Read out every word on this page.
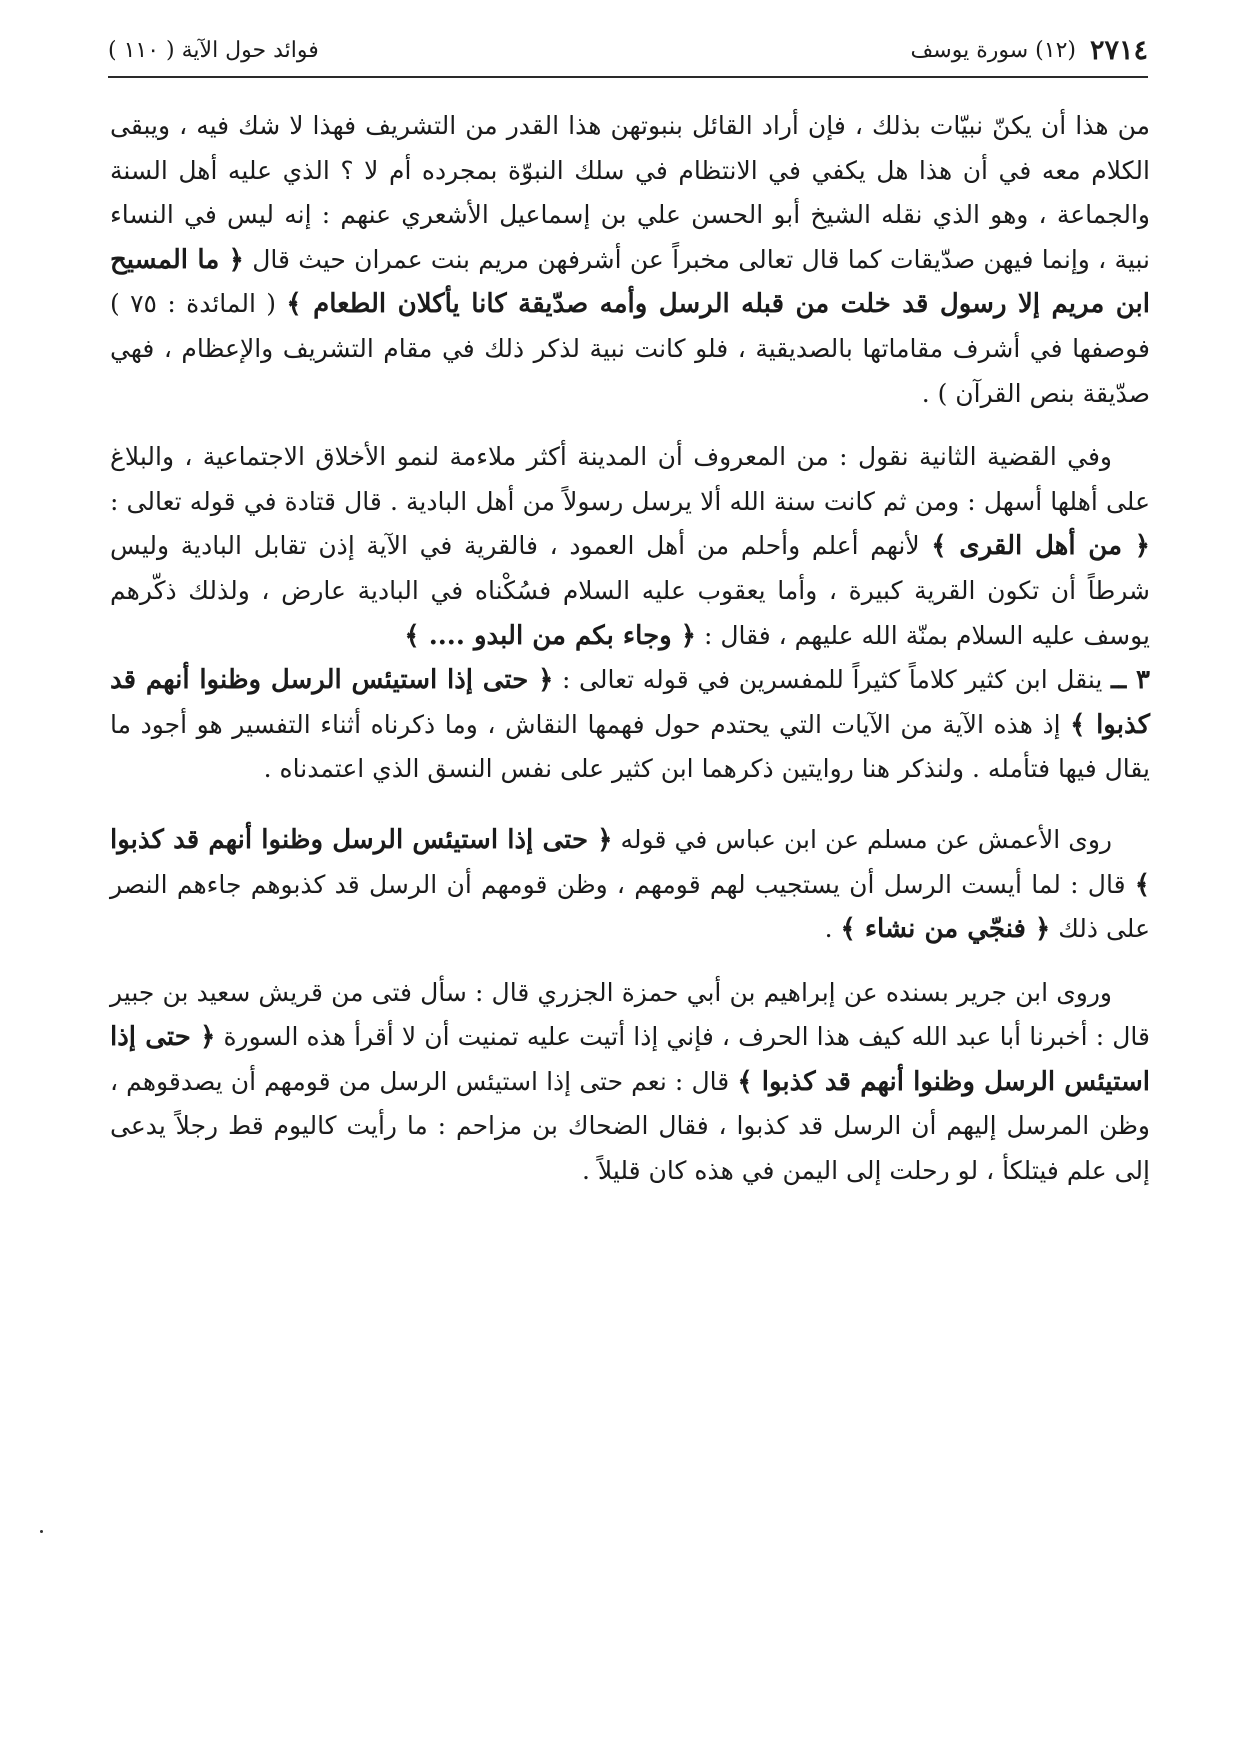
٢٧١٤
(١٢) سورة يوسف
فوائد حول الآية ( ١١٠ )

من هذا أن يكنّ نبيّات بذلك ، فإن أراد القائل بنبوتهن هذا القدر من التشريف فهذا لا شك فيه ، ويبقى الكلام معه في أن هذا هل يكفي في الانتظام في سلك النبوّة بمجرده أم لا ؟ الذي عليه أهل السنة والجماعة ، وهو الذي نقله الشيخ أبو الحسن علي بن إسماعيل الأشعري عنهم : إنه ليس في النساء نبية ، وإنما فيهن صدّيقات كما قال تعالى مخبراً عن أشرفهن مريم بنت عمران حيث قال ﴿ ما المسيح ابن مريم إلا رسول قد خلت من قبله الرسل وأمه صدّيقة كانا يأكلان الطعام ﴾ ( المائدة : ٧٥ ) فوصفها في أشرف مقاماتها بالصديقية ، فلو كانت نبية لذكر ذلك في مقام التشريف والإعظام ، فهي صدّيقة بنص القرآن ) .

وفي القضية الثانية نقول : من المعروف أن المدينة أكثر ملاءمة لنمو الأخلاق الاجتماعية ، والبلاغ على أهلها أسهل : ومن ثم كانت سنة الله ألا يرسل رسولاً من أهل البادية . قال قتادة في قوله تعالى : ﴿ من أهل القرى ﴾ لأنهم أعلم وأحلم من أهل العمود ، فالقرية في الآية إذن تقابل البادية وليس شرطاً أن تكون القرية كبيرة ، وأما يعقوب عليه السلام فسُكْناه في البادية عارض ، ولذلك ذكّرهم يوسف عليه السلام بمنّة الله عليهم ، فقال : ﴿ وجاء بكم من البدو .... ﴾

٣ ــ ينقل ابن كثير كلاماً كثيراً للمفسرين في قوله تعالى : ﴿ حتى إذا استيئس الرسل وظنوا أنهم قد كذبوا ﴾ إذ هذه الآية من الآيات التي يحتدم حول فهمها النقاش ، وما ذكرناه أثناء التفسير هو أجود ما يقال فيها فتأمله . ولنذكر هنا روايتين ذكرهما ابن كثير على نفس النسق الذي اعتمدناه .

روى الأعمش عن مسلم عن ابن عباس في قوله ﴿ حتى إذا استيئس الرسل وظنوا أنهم قد كذبوا ﴾ قال : لما أيست الرسل أن يستجيب لهم قومهم ، وظن قومهم أن الرسل قد كذبوهم جاءهم النصر على ذلك ﴿ فنجّي من نشاء ﴾ .

وروى ابن جرير بسنده عن إبراهيم بن أبي حمزة الجزري قال : سأل فتى من قريش سعيد بن جبير قال : أخبرنا أبا عبد الله كيف هذا الحرف ، فإني إذا أتيت عليه تمنيت أن لا أقرأ هذه السورة ﴿ حتى إذا استيئس الرسل وظنوا أنهم قد كذبوا ﴾ قال : نعم حتى إذا استيئس الرسل من قومهم أن يصدقوهم ، وظن المرسل إليهم أن الرسل قد كذبوا ، فقال الضحاك بن مزاحم : ما رأيت كاليوم قط رجلاً يدعى إلى علم فيتلكأ ، لو رحلت إلى اليمن في هذه كان قليلاً .
